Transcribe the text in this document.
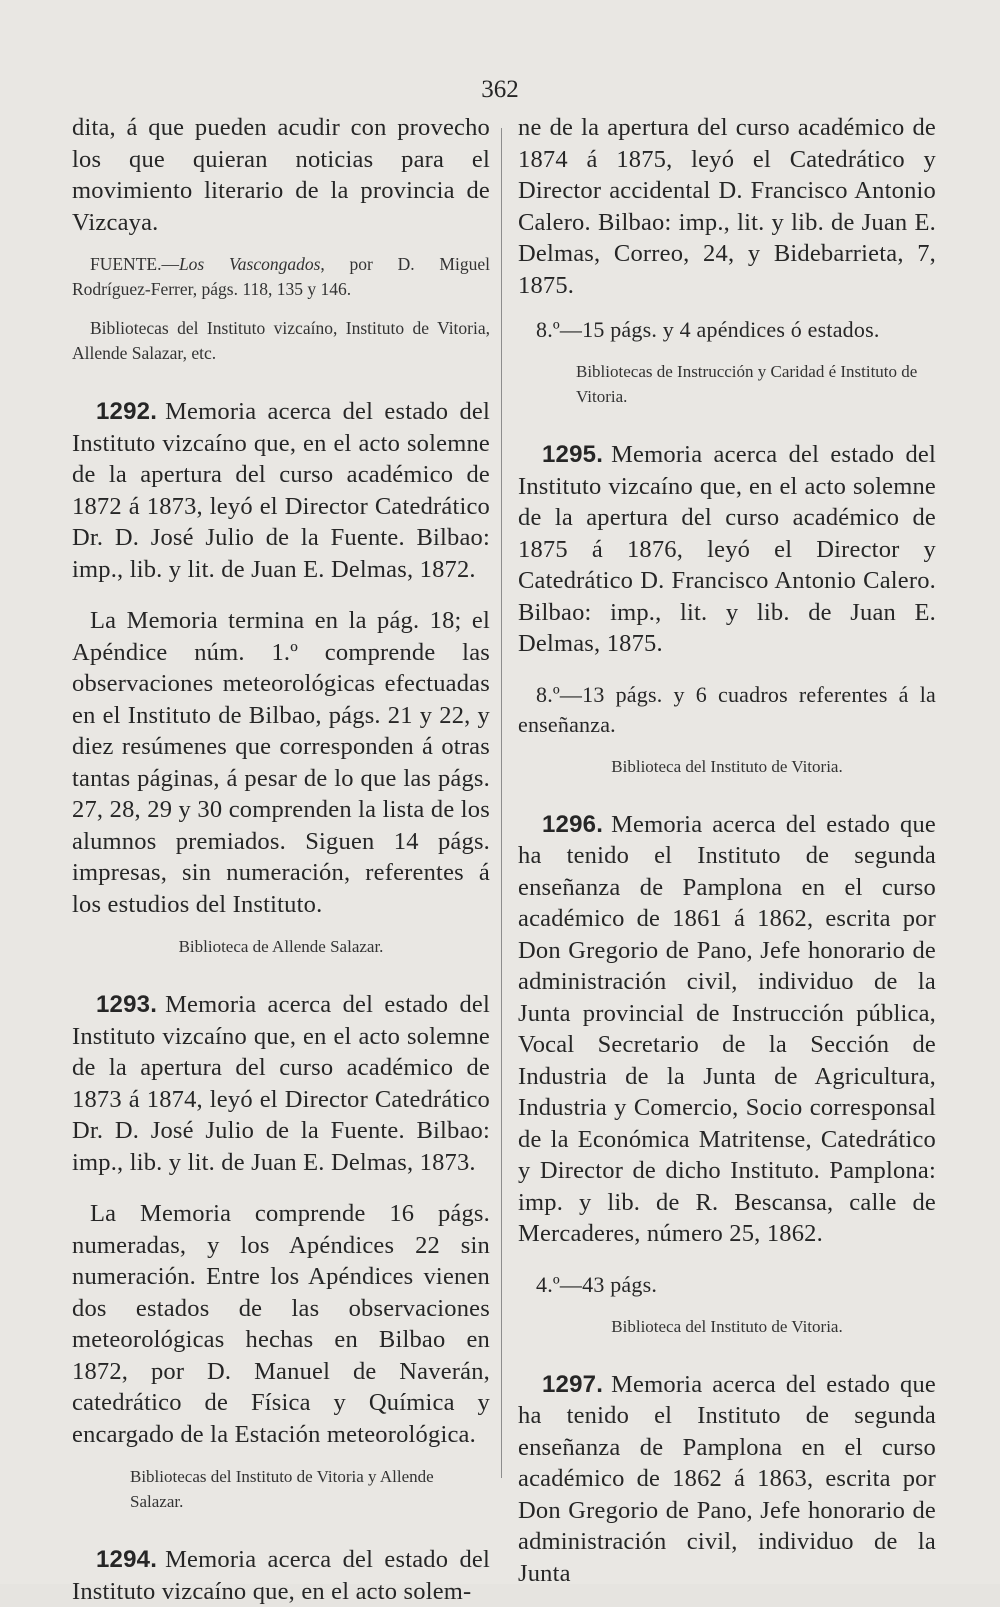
362

dita, á que pueden acudir con provecho los que quieran noticias para el movimiento literario de la provincia de Vizcaya.

FUENTE.—Los Vascongados, por D. Miguel Rodríguez-Ferrer, págs. 118, 135 y 146.

Bibliotecas del Instituto vizcaíno, Instituto de Vitoria, Allende Salazar, etc.

1292. Memoria acerca del estado del Instituto vizcaíno que, en el acto solemne de la apertura del curso académico de 1872 á 1873, leyó el Director Catedrático Dr. D. José Julio de la Fuente. Bilbao: imp., lib. y lit. de Juan E. Delmas, 1872.

La Memoria termina en la pág. 18; el Apéndice núm. 1.º comprende las observaciones meteorológicas efectuadas en el Instituto de Bilbao, págs. 21 y 22, y diez resúmenes que corresponden á otras tantas páginas, á pesar de lo que las págs. 27, 28, 29 y 30 comprenden la lista de los alumnos premiados. Siguen 14 págs. impresas, sin numeración, referentes á los estudios del Instituto.

Biblioteca de Allende Salazar.

1293. Memoria acerca del estado del Instituto vizcaíno que, en el acto solemne de la apertura del curso académico de 1873 á 1874, leyó el Director Catedrático Dr. D. José Julio de la Fuente. Bilbao: imp., lib. y lit. de Juan E. Delmas, 1873.

La Memoria comprende 16 págs. numeradas, y los Apéndices 22 sin numeración. Entre los Apéndices vienen dos estados de las observaciones meteorológicas hechas en Bilbao en 1872, por D. Manuel de Naverán, catedrático de Física y Química y encargado de la Estación meteorológica.

Bibliotecas del Instituto de Vitoria y Allende Salazar.

1294. Memoria acerca del estado del Instituto vizcaíno que, en el acto solem-

ne de la apertura del curso académico de 1874 á 1875, leyó el Catedrático y Director accidental D. Francisco Antonio Calero. Bilbao: imp., lit. y lib. de Juan E. Delmas, Correo, 24, y Bidebarrieta, 7, 1875.

8.º—15 págs. y 4 apéndices ó estados.

Bibliotecas de Instrucción y Caridad é Instituto de Vitoria.

1295. Memoria acerca del estado del Instituto vizcaíno que, en el acto solemne de la apertura del curso académico de 1875 á 1876, leyó el Director y Catedrático D. Francisco Antonio Calero. Bilbao: imp., lit. y lib. de Juan E. Delmas, 1875.

8.º—13 págs. y 6 cuadros referentes á la enseñanza.

Biblioteca del Instituto de Vitoria.

1296. Memoria acerca del estado que ha tenido el Instituto de segunda enseñanza de Pamplona en el curso académico de 1861 á 1862, escrita por Don Gregorio de Pano, Jefe honorario de administración civil, individuo de la Junta provincial de Instrucción pública, Vocal Secretario de la Sección de Industria de la Junta de Agricultura, Industria y Comercio, Socio corresponsal de la Económica Matritense, Catedrático y Director de dicho Instituto. Pamplona: imp. y lib. de R. Bescansa, calle de Mercaderes, número 25, 1862.

4.º—43 págs.

Biblioteca del Instituto de Vitoria.

1297. Memoria acerca del estado que ha tenido el Instituto de segunda enseñanza de Pamplona en el curso académico de 1862 á 1863, escrita por Don Gregorio de Pano, Jefe honorario de administración civil, individuo de la Junta
